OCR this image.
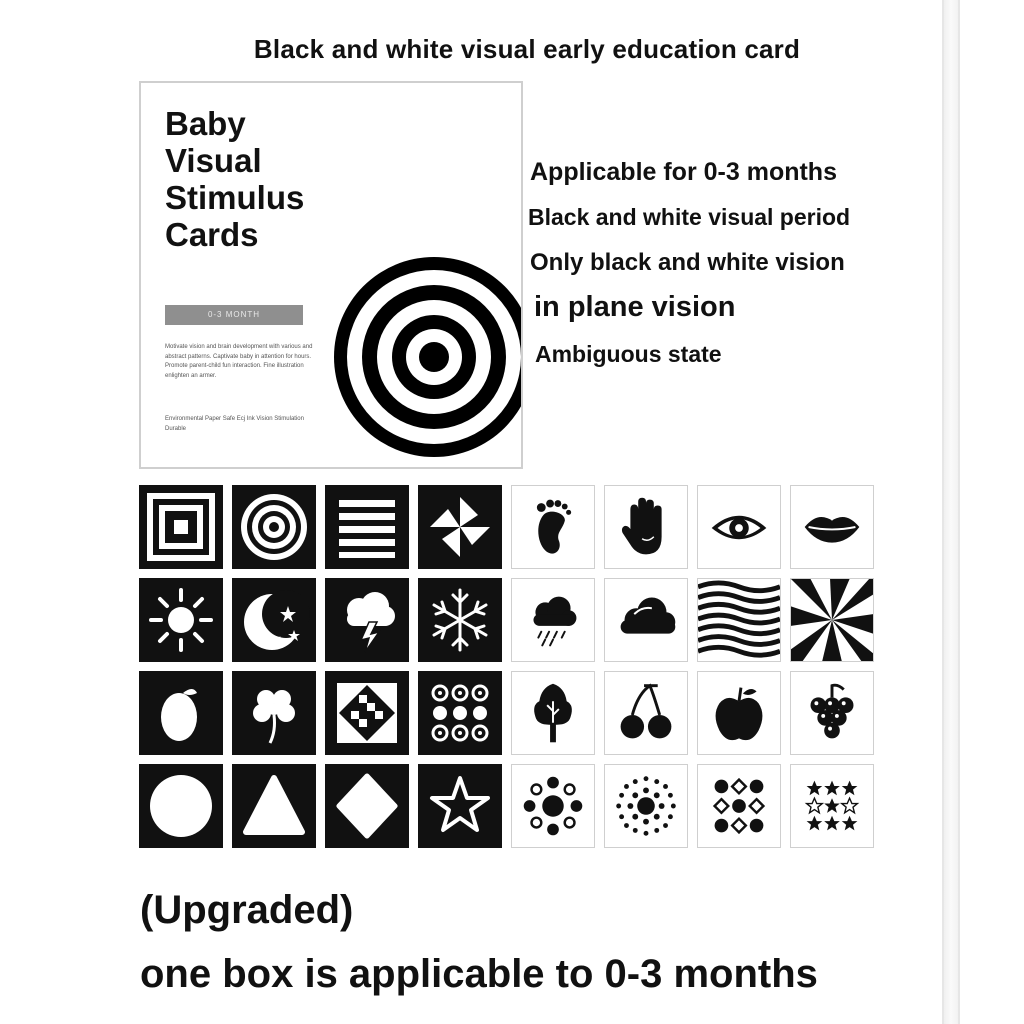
Black and white visual early education card
Baby
Visual
Stimulus
Cards
0-3 MONTH
Motivate vision and brain development with various and abstract patterns. Captivate baby in attention for hours. Promote parent-child fun interaction. Fine illustration enlighten an armer.
Environmental Paper Safe Ecj Ink Vision Stimulation Durable
Applicable for 0-3 months
Black and white visual period
Only black and white vision
in plane vision
Ambiguous state
(Upgraded)
one box is applicable to 0-3 months
